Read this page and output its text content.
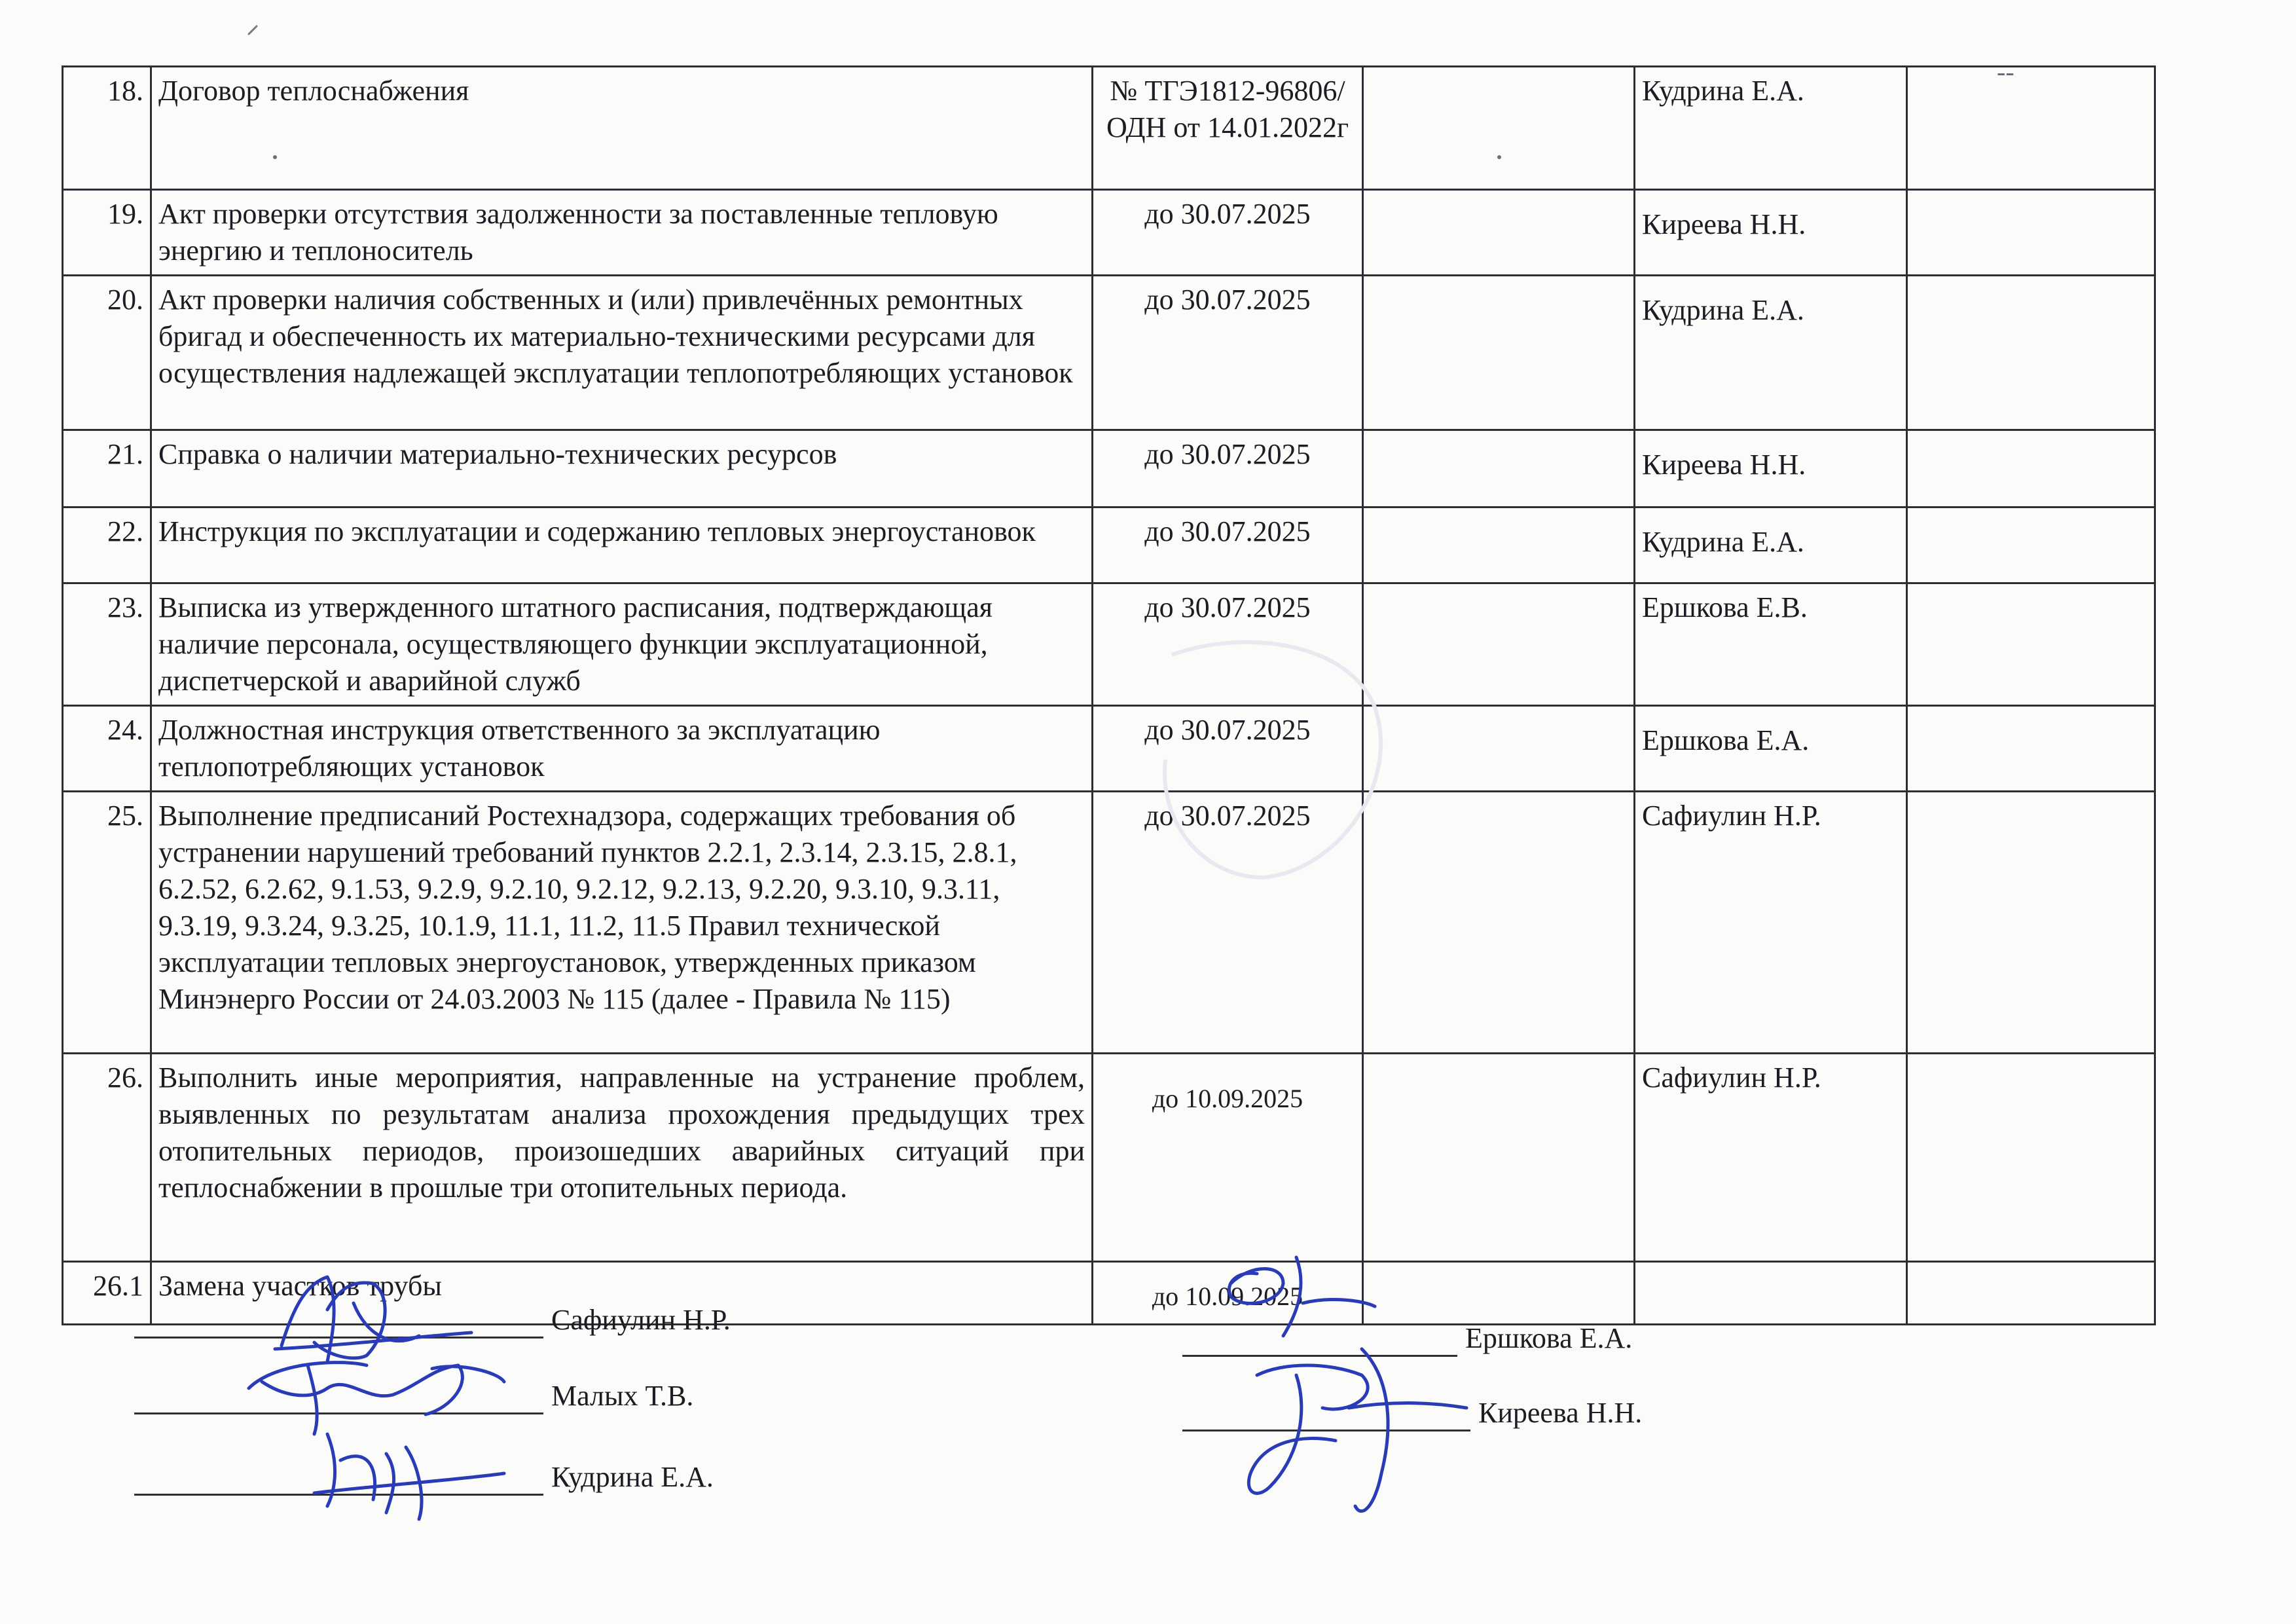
18.	Договор теплоснабжения	№ ТГЭ1812-96806/ОДН от 14.01.2022г		Кудрина Е.А.	
19.	Акт проверки отсутствия задолженности за поставленные тепловую энергию и теплоноситель	до 30.07.2025		Киреева Н.Н.	
20.	Акт проверки наличия собственных и (или) привлечённых ремонтных бригад и обеспеченность их материально-техническими ресурсами для осуществления надлежащей эксплуатации теплопотребляющих установок	до 30.07.2025		Кудрина Е.А.	
21.	Справка о наличии материально-технических ресурсов	до 30.07.2025		Киреева Н.Н.	
22.	Инструкция по эксплуатации и содержанию тепловых энергоустановок	до 30.07.2025		Кудрина Е.А.	
23.	Выписка из утвержденного штатного расписания, подтверждающая наличие персонала, осуществляющего функции эксплуатационной, диспетчерской и аварийной служб	до 30.07.2025		Ершкова Е.В.	
24.	Должностная инструкция ответственного за эксплуатацию теплопотребляющих установок	до 30.07.2025		Ершкова Е.А.	
25.	Выполнение предписаний Ростехнадзора, содержащих требования об устранении нарушений требований пунктов 2.2.1, 2.3.14, 2.3.15, 2.8.1, 6.2.52, 6.2.62, 9.1.53, 9.2.9, 9.2.10, 9.2.12, 9.2.13, 9.2.20, 9.3.10, 9.3.11, 9.3.19, 9.3.24, 9.3.25, 10.1.9, 11.1, 11.2, 11.5 Правил технической эксплуатации тепловых энергоустановок, утвержденных приказом Минэнерго России от 24.03.2003 № 115 (далее - Правила № 115)	до 30.07.2025		Сафиулин Н.Р.	
26.	Выполнить иные мероприятия, направленные на устранение проблем, выявленных по результатам анализа прохождения предыдущих трех отопительных периодов, произошедших аварийных ситуаций при теплоснабжении в прошлые три отопительных периода.	до 10.09.2025		Сафиулин Н.Р.	
26.1	Замена участков трубы	до 10.09.2025			
Сафиулин Н.Р.
Малых Т.В.
Кудрина Е.А.
Ершкова Е.А.
Киреева Н.Н.
--
